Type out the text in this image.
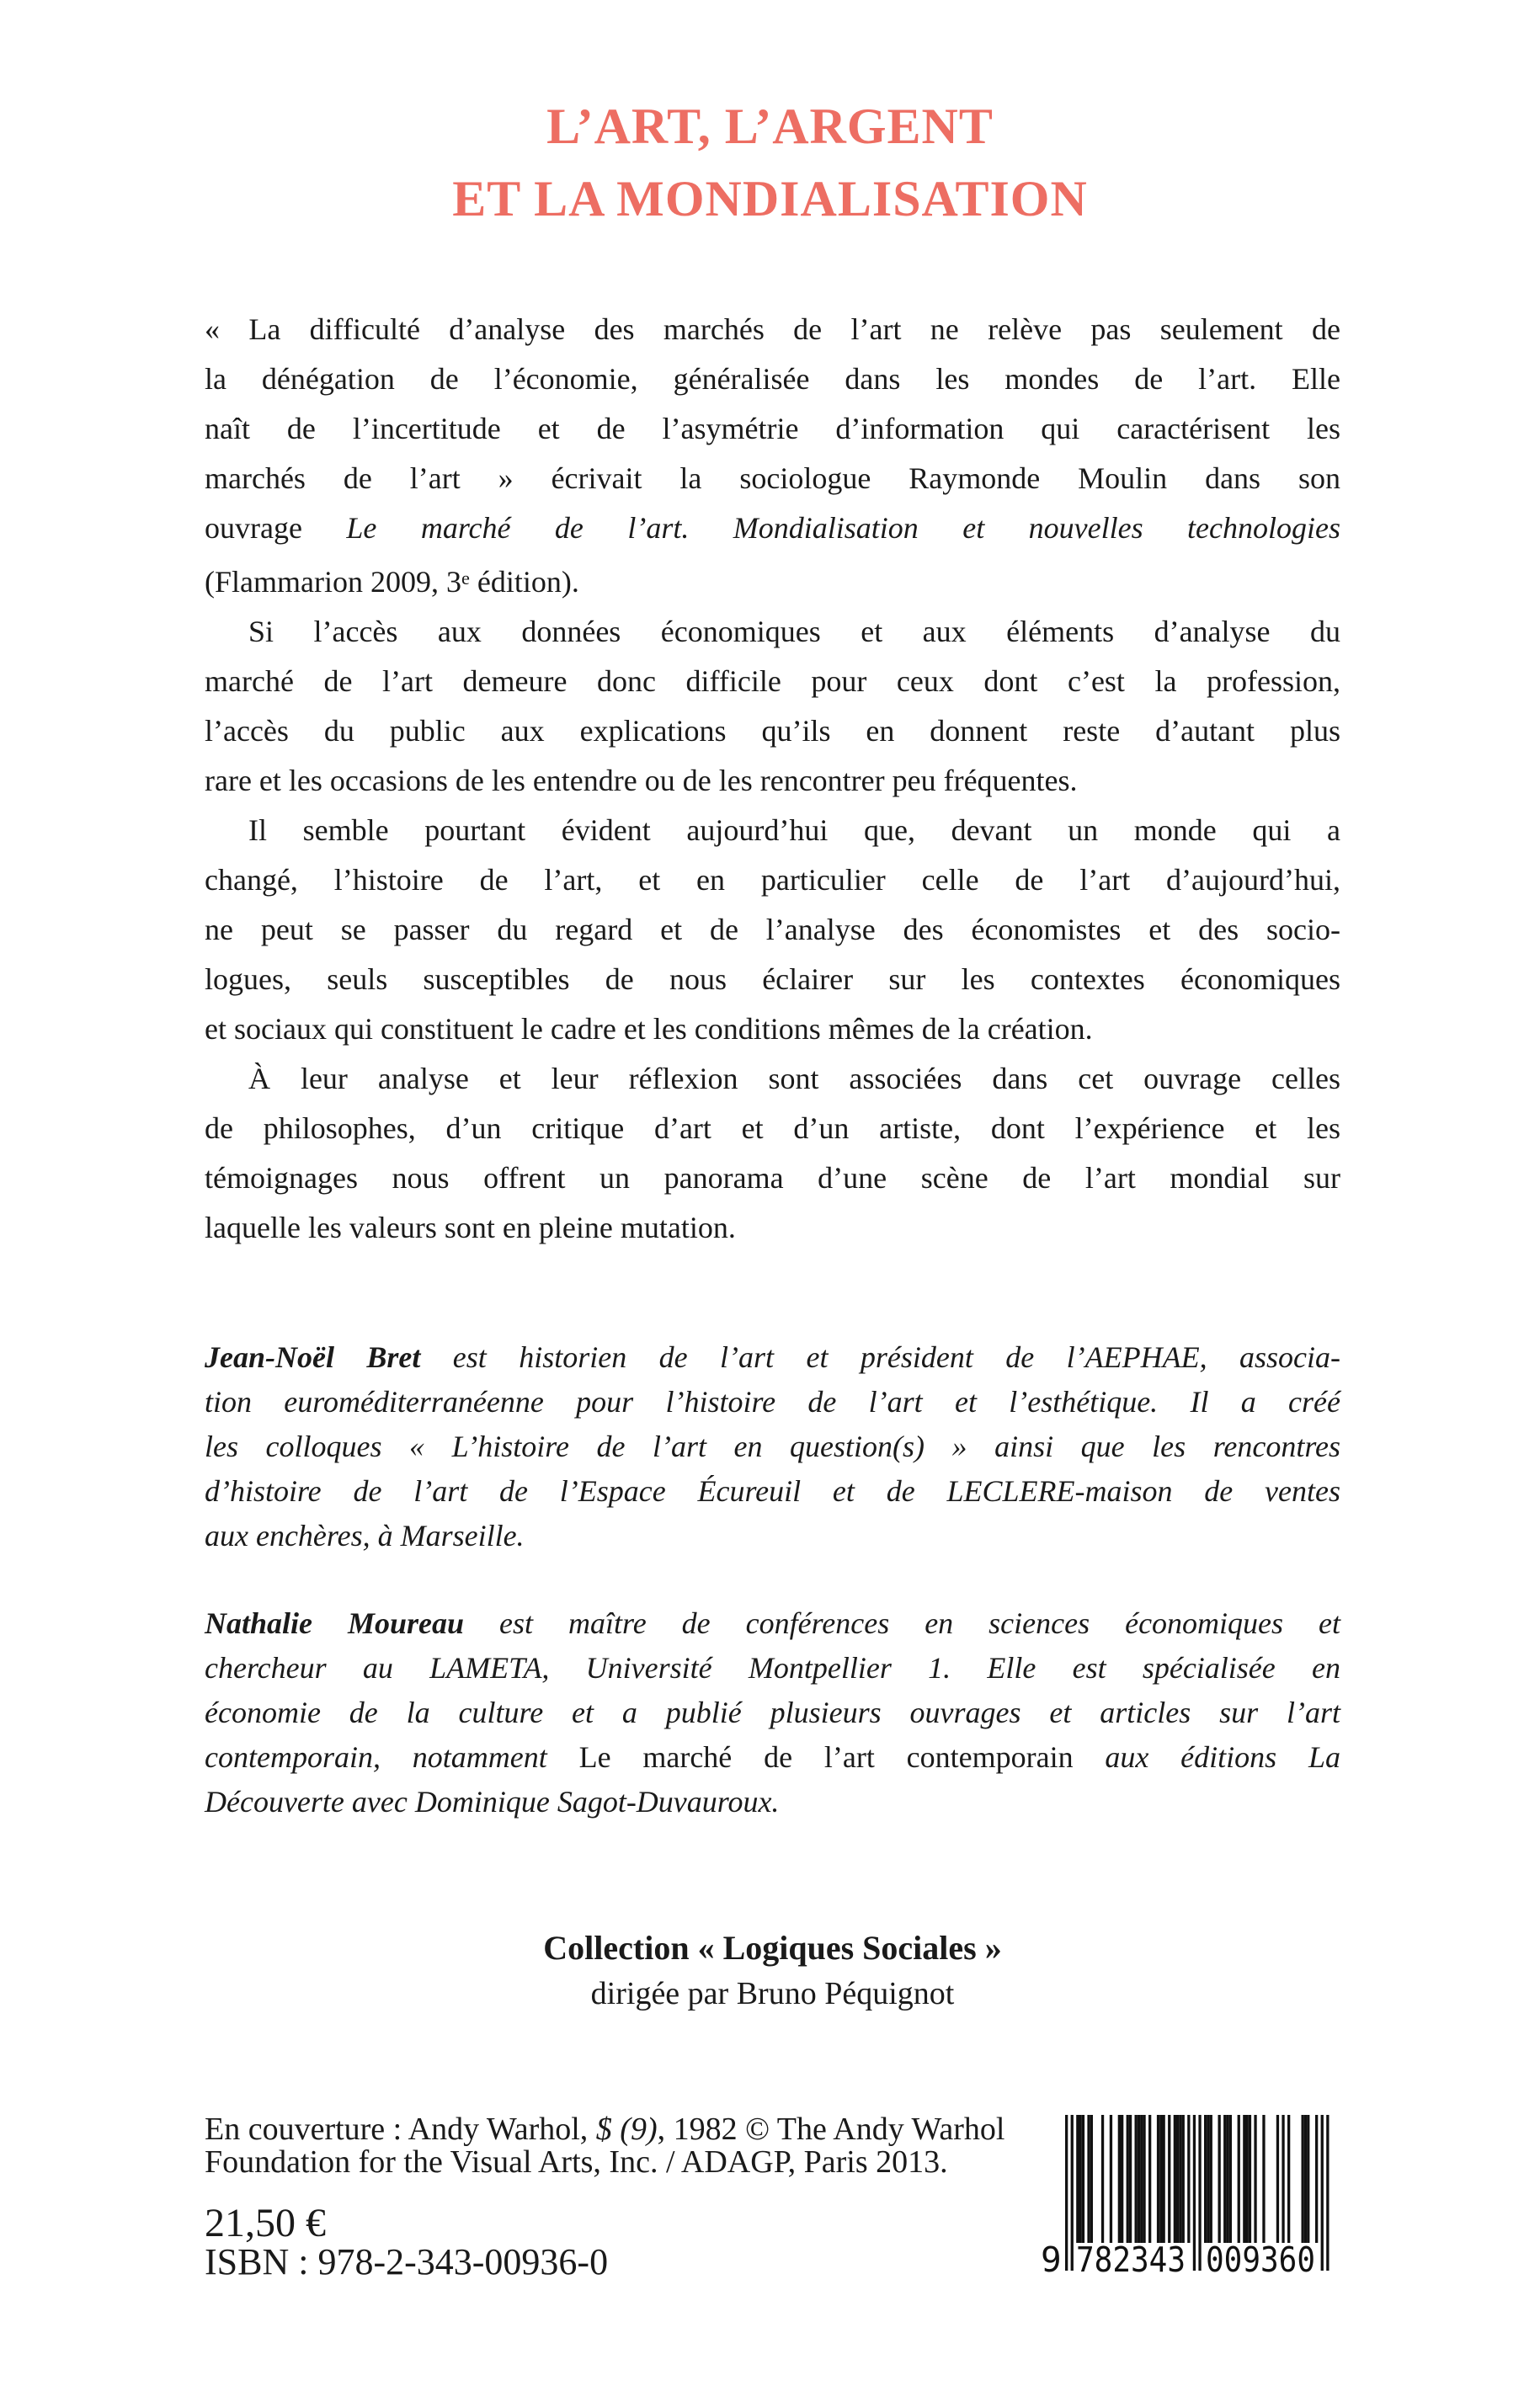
L’ART, L’ARGENT
ET LA MONDIALISATION
« La difficulté d’analyse des marchés de l’art ne relève pas seulement de
la dénégation de l’économie, généralisée dans les mondes de l’art. Elle
naît de l’incertitude et de l’asymétrie d’information qui caractérisent les
marchés de l’art » écrivait la sociologue Raymonde Moulin dans son
ouvrage Le marché de l’art. Mondialisation et nouvelles technologies
(Flammarion 2009, 3e édition).
Si l’accès aux données économiques et aux éléments d’analyse du
marché de l’art demeure donc difficile pour ceux dont c’est la profession,
l’accès du public aux explications qu’ils en donnent reste d’autant plus
rare et les occasions de les entendre ou de les rencontrer peu fréquentes.
Il semble pourtant évident aujourd’hui que, devant un monde qui a
changé, l’histoire de l’art, et en particulier celle de l’art d’aujourd’hui,
ne peut se passer du regard et de l’analyse des économistes et des socio-
logues, seuls susceptibles de nous éclairer sur les contextes économiques
et sociaux qui constituent le cadre et les conditions mêmes de la création.
À leur analyse et leur réflexion sont associées dans cet ouvrage celles
de philosophes, d’un critique d’art et d’un artiste, dont l’expérience et les
témoignages nous offrent un panorama d’une scène de l’art mondial sur
laquelle les valeurs sont en pleine mutation.
Jean-Noël Bret est historien de l’art et président de l’AEPHAE, associa-
tion euroméditerranéenne pour l’histoire de l’art et l’esthétique. Il a créé
les colloques « L’histoire de l’art en question(s) » ainsi que les rencontres
d’histoire de l’art de l’Espace Écureuil et de LECLERE-maison de ventes
aux enchères, à Marseille.
Nathalie Moureau est maître de conférences en sciences économiques et
chercheur au LAMETA, Université Montpellier 1. Elle est spécialisée en
économie de la culture et a publié plusieurs ouvrages et articles sur l’art
contemporain, notamment Le marché de l’art contemporain aux éditions La
Découverte avec Dominique Sagot-Duvauroux.
Collection « Logiques Sociales »
dirigée par Bruno Péquignot
En couverture : Andy Warhol, $ (9), 1982 © The Andy Warhol
Foundation for the Visual Arts, Inc. / ADAGP, Paris 2013.
21,50 €
ISBN : 978-2-343-00936-0	9 782343 009360
